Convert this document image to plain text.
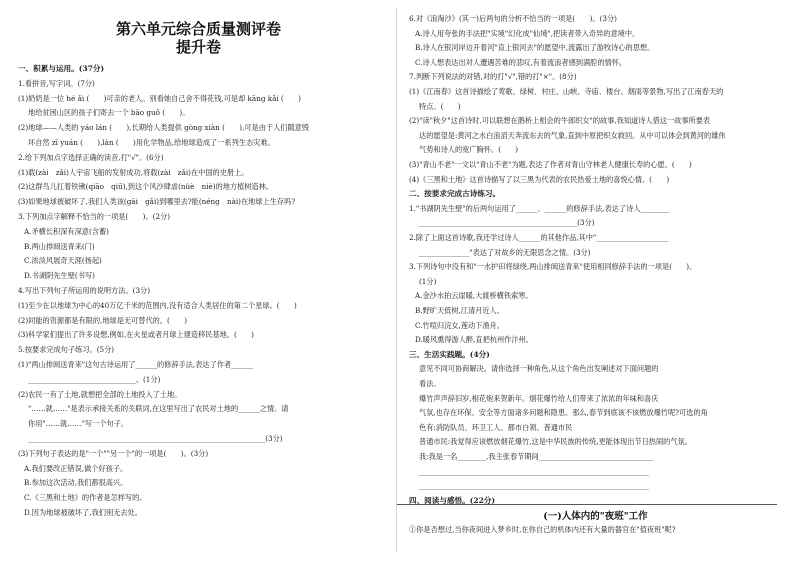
第六单元综合质量测评卷
提升卷
一、积累与运用。(37分)
1.看拼音,写字词。(7分)
(1)奶奶是一位 hé ǎi (　　)可亲的老人。别看她自己舍不得花钱,可是却 kāng kǎi (　　)
地给贫困山区的孩子们寄去一个 bāo guǒ (　　)。
(2)地球——人类的 yáo lán (　　),长期给人类提供 gòng xiàn (　　),可是由于人们随意毁
坏自然 zī yuán (　　),làn (　　)用化学物品,给地球造成了一系列生态灾难。
2.给下列加点字选择正确的读音,打"√"。(6分)
(1)载(zài　zǎi)人宇宙飞船的发射成功,将载(zài　zǎi)在中国的史册上。
(2)这群鸟儿扛着铁锹(qiāo　qiū),到这个风沙肆虐(nüè　niè)的地方植树造林。
(3)如果地球被破坏了,我们人类该(gāi　gǎi)到哪里去?能(néng　nài)在地球上生存吗?
3.下列加点字解释不恰当的一项是(　　)。(2分)
A.矛横长积深有深意(含蓄)
B.两山排闼送青来(门)
C.浓淡风展奇天涯(扬起)
D.书湖阴先生壁(书写)
4.写出下列句子所运用的说明方法。(3分)
(1)至少在以地球为中心的40万亿千米的范围内,没有适合人类居住的第二个星球。(　　)
(2)同能的资源都是有限的,地球是无可替代的。(　　)
(3)科学家们提出了许多设想,例如,在火星或者月球上建造移民基地。(　　)
5.按要求完成句子练习。(5分)
(1)"两山排闼送青来"这句古诗运用了______的修辞手法,表达了作者______
______________________________。(1分)
(2)农民一有了土地,就想把全部的土地投入了土地。
"……就……"是表示承接关系的关联词,在这里写出了农民对土地的______之情。请
你用"……就……"写一个句子。
__________________________________________________________________(3分)
(3)下列句子表达的是"一个""另一个"的一项是(　　)。(3分)
A.我们要改正错误,做个好孩子。
B.参加这次活动,我们都很高兴。
C.《三黑和土地》的作者是怎样写的。
D.因为地球被破坏了,我们别无去处。
6.对《浪淘沙》(其一)后两句的分析不恰当的一项是(　　)。(3分)
A.诗人用夸张的手法把"实境"幻化成"仙境",把读者带入奇异的意境中。
B.诗人在银河岸边开着河"直上银河去"的愿望中,流露出了游牧诗心的思想。
C.诗人想表达出对人遭遇苦难的悲叹,有着流浪者感到满腔的情怀。
7.判断下列说法的对错,对的打"√",错的打"×"。(8分)
(1)《江南春》这首诗描绘了莺歌、绿树、村庄、山峡、寺庙、楼台、烟雨等景物,写出了江南春天的
特点。(　　)
(2)"读"秋夕"这首诗时,可以联想在鹊桥上相会的牛郎织女"的故事,我知道诗人借这一故事所要表
达的愿望是:黄河之水白浪滔天奔流东去的气象,直到中原把织女救回。从中可以体会到黄河的雄伟
气势和诗人的宽广胸怀。(　　)
(3)"青山不老"一文以"青山不老"为题,表达了作者对青山守林老人健康长寿的心愿。(　　)
(4)《三黑和土地》这首诗描写了以三黑为代表的农民热爱土地的喜悦心情。(　　)
二、按要求完成古诗练习。
1."书湖阴先生壁"的后两句运用了______、______的修辞手法,表达了诗人________
____________________________________________(3分)
2.除了上面这首诗歌,我还学过诗人______的其他作品,其中"____________________
______________"表达了对故乡的无限思念之情。(3分)
3.下列诗句中没有和"一水护田将绿绕,两山排闼送青来"使用相同修辞手法的一项是(　　)。
(1分)
A.金沙水拍云崖暖,大渡桥横铁索寒。
B.野旷天低树,江清月近人。
C.竹喧归浣女,莲动下渔舟。
D.暖风熏得游人醉,直把杭州作汴州。
三、生活实践题。(4分)
意见不同可协商解决。请你选择一种角色,从这个角色出发阐述对下面问题的
看法。
爆竹声声辞旧岁,相花炮来贺新年。烟花爆竹给人们带来了浓浓的年味和喜庆
气氛,也存在环保、安全等方面诸多问题和隐患。那么,春节到底该不该燃放爆竹呢?可选的角
色有:消防队员、环卫工人、都市白领、普通市民
普通市民:我觉得应该燃放烟花爆竹,这是中华民族的传统,更能体现出节日热闹的气氛。
我:我是一名________,我主张春节期间________________________________
________________________________________________________________
________________________________________________________________
四、阅读与感悟。(22分)
(一)人体内的"夜班"工作
①你是否想过,当你夜间进入梦乡时,在你自己的机体内还有大量的器官在"值夜班"呢?
